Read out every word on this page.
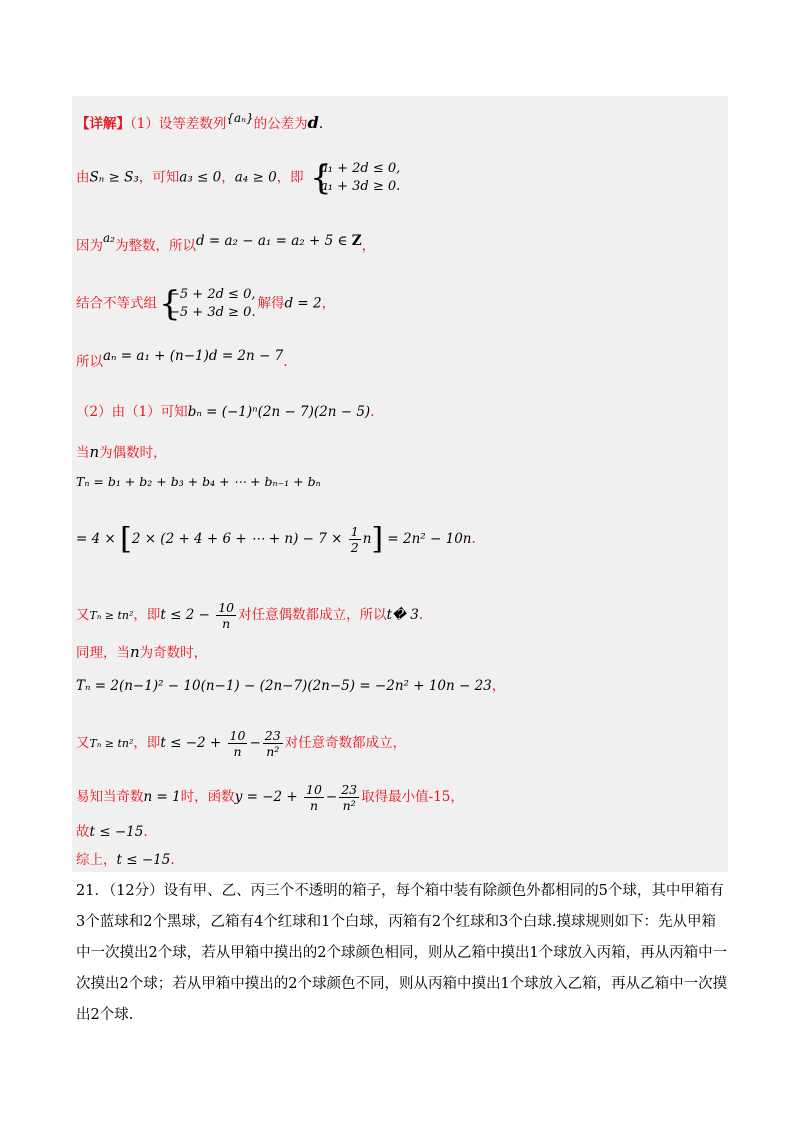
【详解】（1）设等差数列{aₙ}的公差为d.
由Sₙ ≥ S₃，可知a₃ ≤ 0，a₄ ≥ 0，即 {
a₁ + 2d ≤ 0,
a₁ + 3d ≥ 0.
因为a₂为整数，所以d = a₂ − a₁ = a₂ + 5 ∈ Z，
结合不等式组 {
−5 + 2d ≤ 0,
−5 + 3d ≥ 0.
解得d = 2，
所以aₙ = a₁ + (n−1)d = 2n − 7.
（2）由（1）可知bₙ = (−1)ⁿ(2n − 7)(2n − 5).
当n为偶数时，
Tₙ = b₁ + b₂ + b₃ + b₄ + ⋯ + bₙ₋₁ + bₙ
= 4 × [2 × (2 + 4 + 6 + ⋯ + $n) - 7 \times \frac{1}{2} n] = 2n^2 - 10n$.
又Tₙ ≥ tn²，即$t \le 2 - \frac{10}{n}$ 对任意偶数都成立，所以t� 3.
同理，当n为奇数时，
Tₙ = 2(n−1)² − 10(n−1) − (2n−7)(2n−5) = −2n² + 10n − 23，
又Tₙ ≥ tn²，即$t \le -2 + \frac{10}{n} - \frac{23}{\text{n²}}$ 对任意奇数都成立，
易知当奇数n = 1时，函数$y = -2 + \frac{10}{n} - \frac{23}{\text{n²}}$ 取得最小值-15，
故t ≤ −15.
综上，t ≤ −15.
21．（12分）设有甲、乙、丙三个不透明的箱子，每个箱中装有除颜色外都相同的5个球，其中甲箱有3个蓝球和2个黑球，乙箱有4个红球和1个白球，丙箱有2个红球和3个白球.摸球规则如下：先从甲箱中一次摸出2个球，若从甲箱中摸出的2个球颜色相同，则从乙箱中摸出1个球放入丙箱，再从丙箱中一次摸出2个球；若从甲箱中摸出的2个球颜色不同，则从丙箱中摸出1个球放入乙箱，再从乙箱中一次摸出2个球.
